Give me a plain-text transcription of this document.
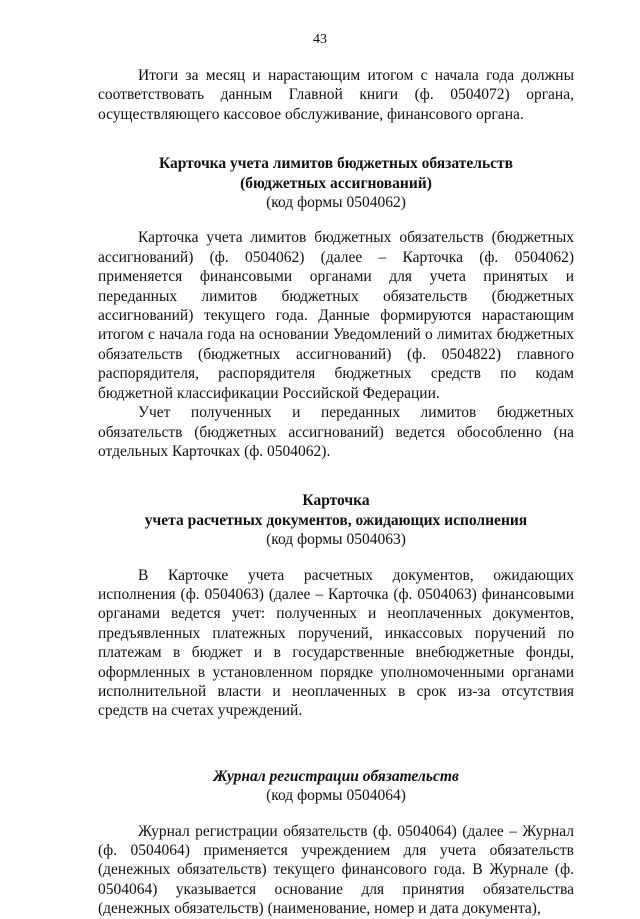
43

Итоги за месяц и нарастающим итогом с начала года должны соответствовать данным Главной книги (ф. 0504072) органа, осуществляющего кассовое обслуживание, финансового органа.

Карточка учета лимитов бюджетных обязательств

(бюджетных ассигнований)

(код формы 0504062)

Карточка учета лимитов бюджетных обязательств (бюджетных ассигнований) (ф. 0504062) (далее – Карточка (ф. 0504062) применяется финансовыми органами для учета принятых и переданных лимитов бюджетных обязательств (бюджетных ассигнований) текущего года. Данные формируются нарастающим итогом с начала года на основании Уведомлений о лимитах бюджетных обязательств (бюджетных ассигнований) (ф. 0504822) главного распорядителя, распорядителя бюджетных средств по кодам бюджетной классификации Российской Федерации.

Учет полученных и переданных лимитов бюджетных обязательств (бюджетных ассигнований) ведется обособленно (на отдельных Карточках (ф. 0504062).

Карточка

учета расчетных документов, ожидающих исполнения

(код формы 0504063)

В Карточке учета расчетных документов, ожидающих исполнения (ф. 0504063) (далее – Карточка (ф. 0504063) финансовыми органами ведется учет: полученных и неоплаченных документов, предъявленных платежных поручений, инкассовых поручений по платежам в бюджет и в государственные внебюджетные фонды, оформленных в установленном порядке уполномоченными органами исполнительной власти и неоплаченных в срок из-за отсутствия средств на счетах учреждений.

Журнал регистрации обязательств

(код формы 0504064)

Журнал регистрации обязательств (ф. 0504064) (далее – Журнал (ф. 0504064) применяется учреждением для учета обязательств (денежных обязательств) текущего финансового года. В Журнале (ф. 0504064) указывается основание для принятия обязательства (денежных обязательств) (наименование, номер и дата документа),
